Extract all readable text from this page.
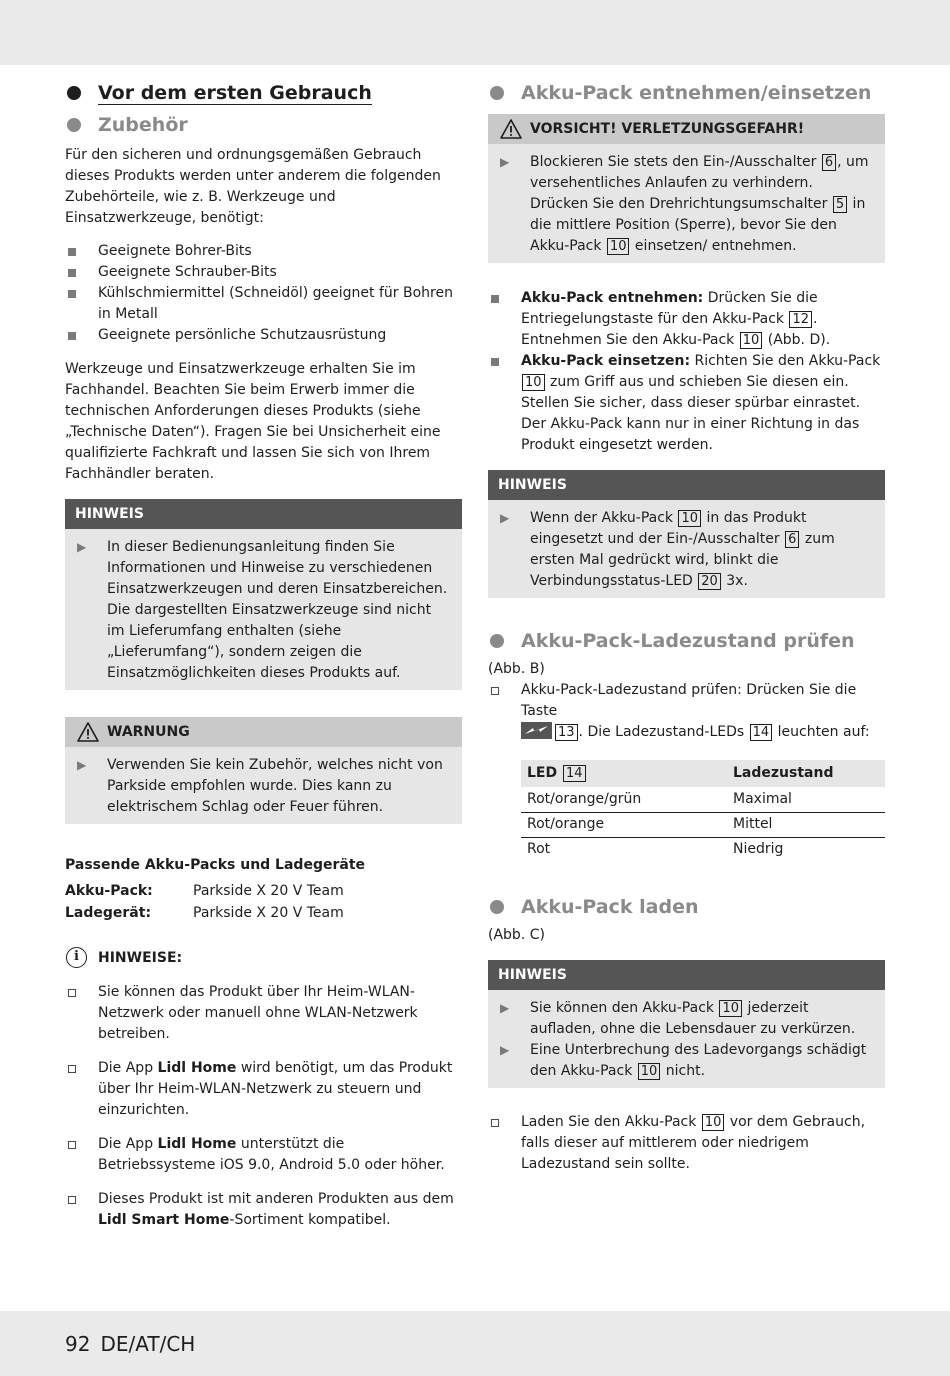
Vor dem ersten Gebrauch
Zubehör

Für den sicheren und ordnungsgemäßen Gebrauch dieses Produkts werden unter anderem die folgenden Zubehörteile, wie z. B. Werkzeuge und Einsatzwerkzeuge, benötigt:

Geeignete Bohrer-Bits
Geeignete Schrauber-Bits
Kühlschmiermittel (Schneidöl) geeignet für Bohren in Metall
Geeignete persönliche Schutzausrüstung

Werkzeuge und Einsatzwerkzeuge erhalten Sie im Fachhandel. Beachten Sie beim Erwerb immer die technischen Anforderungen dieses Produkts (siehe „Technische Daten“). Fragen Sie bei Unsicherheit eine qualifizierte Fachkraft und lassen Sie sich von Ihrem Fachhändler beraten.

HINWEIS
▶ In dieser Bedienungsanleitung finden Sie Informationen und Hinweise zu verschiedenen Einsatzwerkzeugen und deren Einsatzbereichen. Die dargestellten Einsatzwerkzeuge sind nicht im Lieferumfang enthalten (siehe „Lieferumfang“), sondern zeigen die Einsatzmöglichkeiten dieses Produkts auf.
WARNUNG
▶ Verwenden Sie kein Zubehör, welches nicht von Parkside empfohlen wurde. Dies kann zu elektrischem Schlag oder Feuer führen.

Passende Akku-Packs und Ladegeräte

Akku-Pack:	Parkside X 20 V Team
Ladegerät:	Parkside X 20 V Team
i	HINWEISE:
Sie können das Produkt über Ihr Heim-WLAN-Netzwerk oder manuell ohne WLAN-Netzwerk betreiben.
Die App Lidl Home wird benötigt, um das Produkt über Ihr Heim-WLAN-Netzwerk zu steuern und einzurichten.
Die App Lidl Home unterstützt die Betriebssysteme iOS 9.0, Android 5.0 oder höher.
Dieses Produkt ist mit anderen Produkten aus dem Lidl Smart Home-Sortiment kompatibel.
Akku-Pack entnehmen/einsetzen
VORSICHT! VERLETZUNGSGEFAHR!
▶ Blockieren Sie stets den Ein-/Ausschalter 6 , um versehentliches Anlaufen zu verhindern. Drücken Sie den Drehrichtungsumschalter 5 in die mittlere Position (Sperre), bevor Sie den Akku-Pack 10 einsetzen/ entnehmen.
Akku-Pack entnehmen: Drücken Sie die Entriegelungstaste für den Akku-Pack 12 . Entnehmen Sie den Akku-Pack 10 (Abb. D).
Akku-Pack einsetzen: Richten Sie den Akku-Pack 10 zum Griff aus und schieben Sie diesen ein. Stellen Sie sicher, dass dieser spürbar einrastet.
Der Akku-Pack kann nur in einer Richtung in das Produkt eingesetzt werden.
HINWEIS
▶ Wenn der Akku-Pack 10 in das Produkt eingesetzt und der Ein-/Ausschalter 6 zum ersten Mal gedrückt wird, blinkt die Verbindungsstatus-LED 20 3x.
Akku-Pack-Ladezustand prüfen

(Abb. B)

Akku-Pack-Ladezustand prüfen: Drücken Sie die Taste
13 . Die Ladezustand-LEDs 14 leuchten auf:
LED 14	Ladezustand
Rot/orange/grün	Maximal
Rot/orange	Mittel
Rot	Niedrig
Akku-Pack laden

(Abb. C)

HINWEIS
▶ Sie können den Akku-Pack 10 jederzeit aufladen, ohne die Lebensdauer zu verkürzen.
▶ Eine Unterbrechung des Ladevorgangs schädigt den Akku-Pack 10 nicht.
Laden Sie den Akku-Pack 10 vor dem Gebrauch, falls dieser auf mittlerem oder niedrigem Ladezustand sein sollte.
92 DE/AT/CH
